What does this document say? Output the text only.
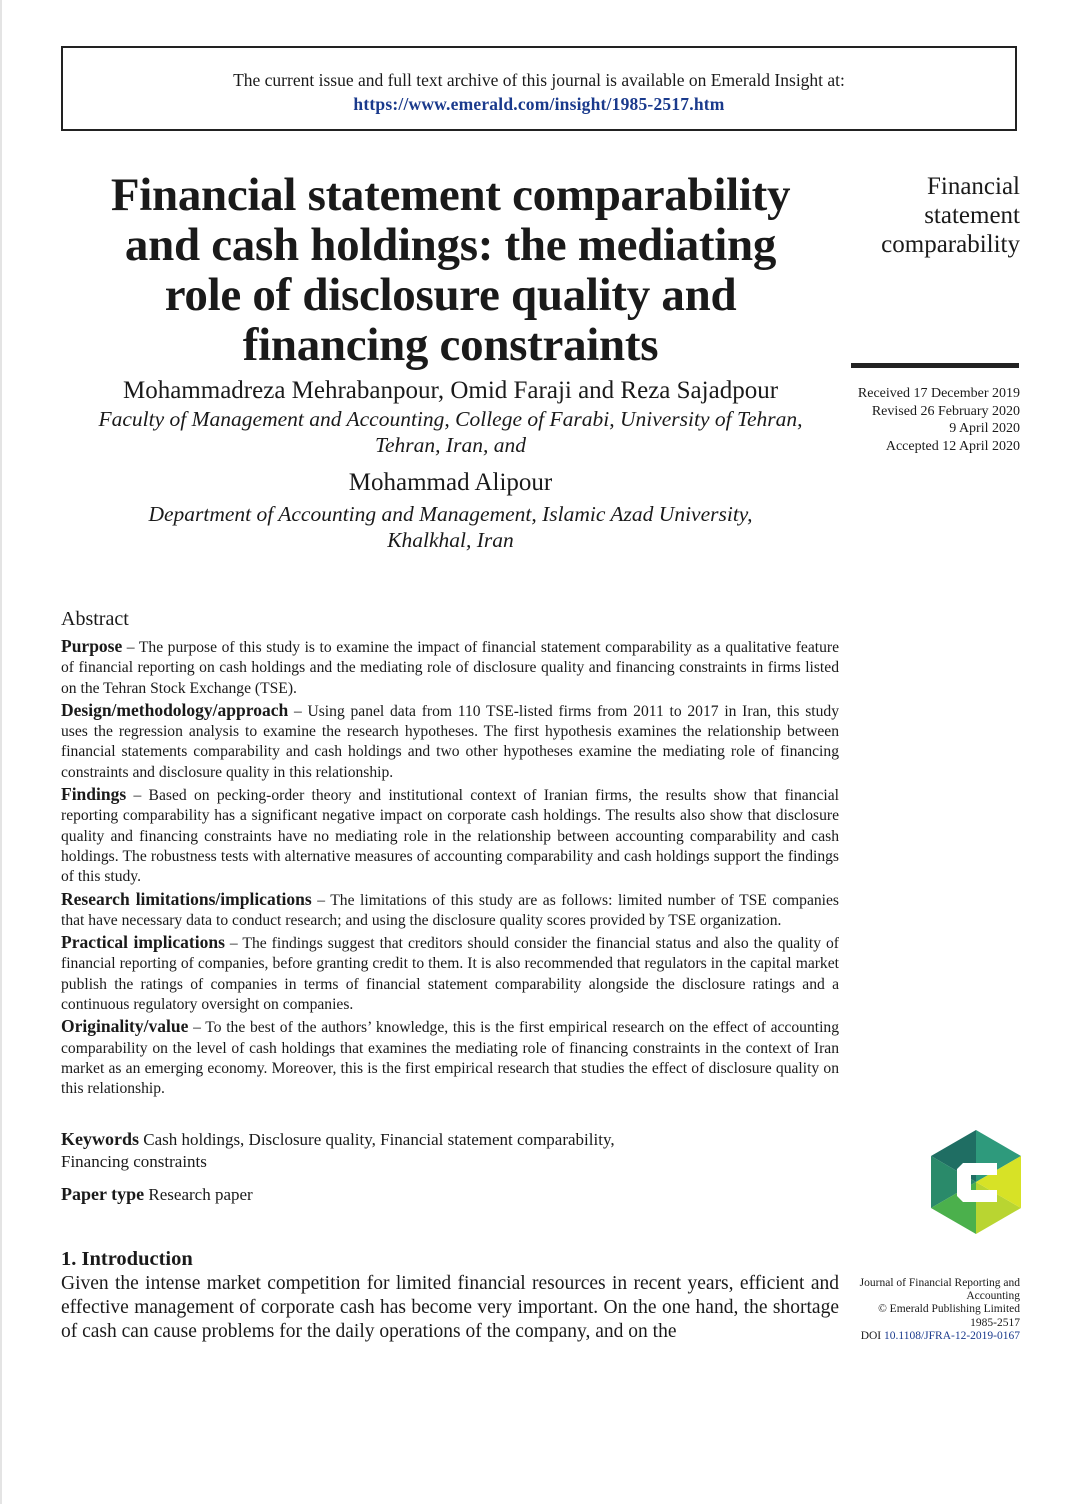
The current issue and full text archive of this journal is available on Emerald Insight at:
https://www.emerald.com/insight/1985-2517.htm
Financial statement comparability
and cash holdings: the mediating
role of disclosure quality and
financing constraints
Financial
statement
comparability
Received 17 December 2019
Revised 26 February 2020
9 April 2020
Accepted 12 April 2020
Mohammadreza Mehrabanpour, Omid Faraji and Reza Sajadpour
Faculty of Management and Accounting, College of Farabi, University of Tehran,
Tehran, Iran, and
Mohammad Alipour
Department of Accounting and Management, Islamic Azad University,
Khalkhal, Iran
Abstract

Purpose – The purpose of this study is to examine the impact of financial statement comparability as a qualitative feature of financial reporting on cash holdings and the mediating role of disclosure quality and financing constraints in firms listed on the Tehran Stock Exchange (TSE).

Design/methodology/approach – Using panel data from 110 TSE-listed firms from 2011 to 2017 in Iran, this study uses the regression analysis to examine the research hypotheses. The first hypothesis examines the relationship between financial statements comparability and cash holdings and two other hypotheses examine the mediating role of financing constraints and disclosure quality in this relationship.

Findings – Based on pecking-order theory and institutional context of Iranian firms, the results show that financial reporting comparability has a significant negative impact on corporate cash holdings. The results also show that disclosure quality and financing constraints have no mediating role in the relationship between accounting comparability and cash holdings. The robustness tests with alternative measures of accounting comparability and cash holdings support the findings of this study.

Research limitations/implications – The limitations of this study are as follows: limited number of TSE companies that have necessary data to conduct research; and using the disclosure quality scores provided by TSE organization.

Practical implications – The findings suggest that creditors should consider the financial status and also the quality of financial reporting of companies, before granting credit to them. It is also recommended that regulators in the capital market publish the ratings of companies in terms of financial statement comparability alongside the disclosure ratings and a continuous regulatory oversight on companies.

Originality/value – To the best of the authors’ knowledge, this is the first empirical research on the effect of accounting comparability on the level of cash holdings that examines the mediating role of financing constraints in the context of Iran market as an emerging economy. Moreover, this is the first empirical research that studies the effect of disclosure quality on this relationship.

Keywords Cash holdings, Disclosure quality, Financial statement comparability,
Financing constraints
Paper type Research paper
1. Introduction
Given the intense market competition for limited financial resources in recent years, efficient and effective management of corporate cash has become very important. On the one hand, the shortage of cash can cause problems for the daily operations of the company, and on the
Journal of Financial Reporting and
Accounting
© Emerald Publishing Limited
1985-2517
DOI 10.1108/JFRA-12-2019-0167
